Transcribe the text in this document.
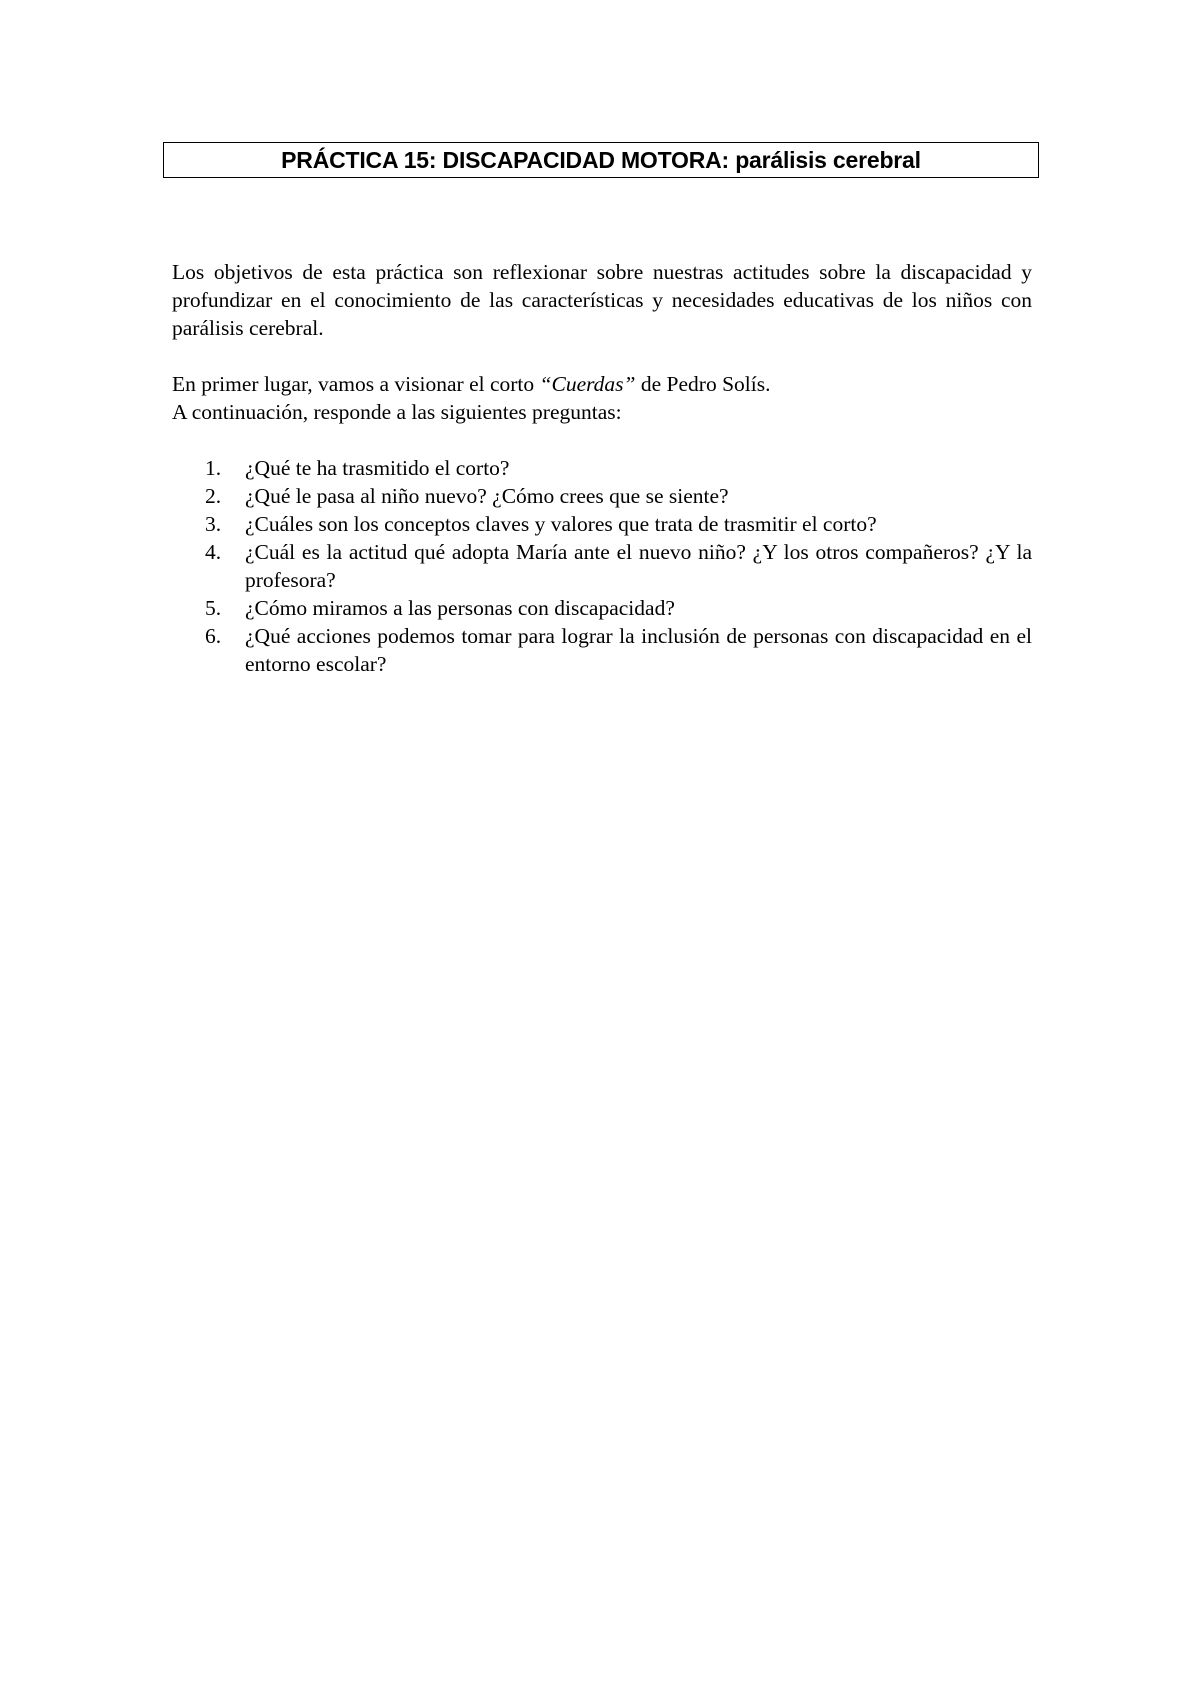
PRÁCTICA 15: DISCAPACIDAD MOTORA: parálisis cerebral
Los objetivos de esta práctica son reflexionar sobre nuestras actitudes sobre la discapacidad y profundizar en el conocimiento de las características y necesidades educativas de los niños con parálisis cerebral.

En primer lugar, vamos a visionar el corto “Cuerdas” de Pedro Solís.

A continuación, responde a las siguientes preguntas:

1. ¿Qué te ha trasmitido el corto?
2. ¿Qué le pasa al niño nuevo? ¿Cómo crees que se siente?
3. ¿Cuáles son los conceptos claves y valores que trata de trasmitir el corto?
4. ¿Cuál es la actitud qué adopta María ante el nuevo niño? ¿Y los otros compañeros? ¿Y la profesora?
5. ¿Cómo miramos a las personas con discapacidad?
6. ¿Qué acciones podemos tomar para lograr la inclusión de personas con discapacidad en el entorno escolar?
